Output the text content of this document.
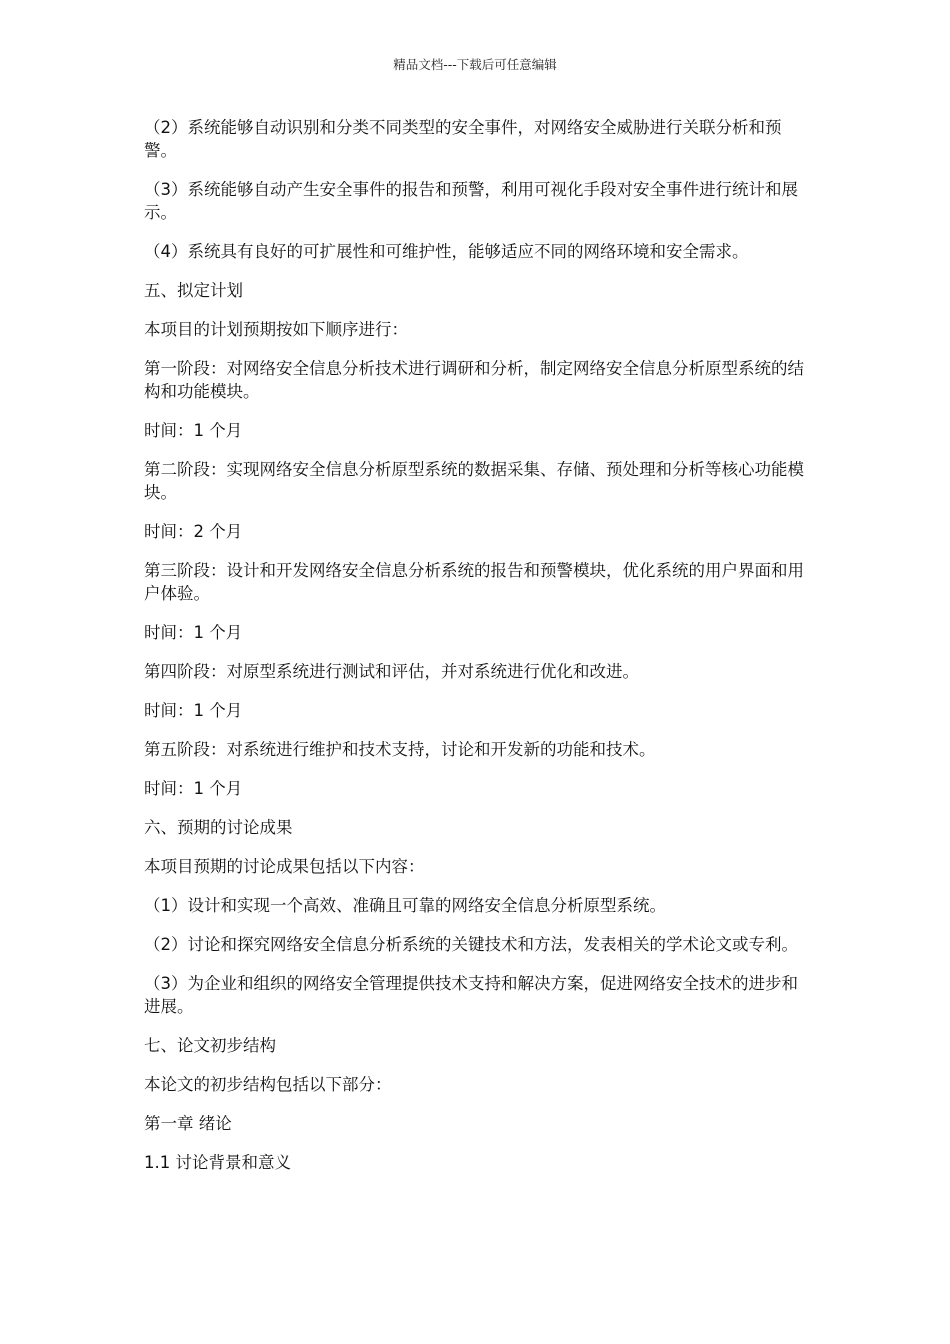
精品文档---下载后可任意编辑

（2）系统能够自动识别和分类不同类型的安全事件，对网络安全威胁进行关联分析和预警。

（3）系统能够自动产生安全事件的报告和预警，利用可视化手段对安全事件进行统计和展示。

（4）系统具有良好的可扩展性和可维护性，能够适应不同的网络环境和安全需求。

五、拟定计划

本项目的计划预期按如下顺序进行：

第一阶段：对网络安全信息分析技术进行调研和分析，制定网络安全信息分析原型系统的结构和功能模块。

时间：1 个月

第二阶段：实现网络安全信息分析原型系统的数据采集、存储、预处理和分析等核心功能模块。

时间：2 个月

第三阶段：设计和开发网络安全信息分析系统的报告和预警模块，优化系统的用户界面和用户体验。

时间：1 个月

第四阶段：对原型系统进行测试和评估，并对系统进行优化和改进。

时间：1 个月

第五阶段：对系统进行维护和技术支持，讨论和开发新的功能和技术。

时间：1 个月

六、预期的讨论成果

本项目预期的讨论成果包括以下内容：

（1）设计和实现一个高效、准确且可靠的网络安全信息分析原型系统。

（2）讨论和探究网络安全信息分析系统的关键技术和方法，发表相关的学术论文或专利。

（3）为企业和组织的网络安全管理提供技术支持和解决方案，促进网络安全技术的进步和进展。

七、论文初步结构

本论文的初步结构包括以下部分：

第一章 绪论

1.1 讨论背景和意义
